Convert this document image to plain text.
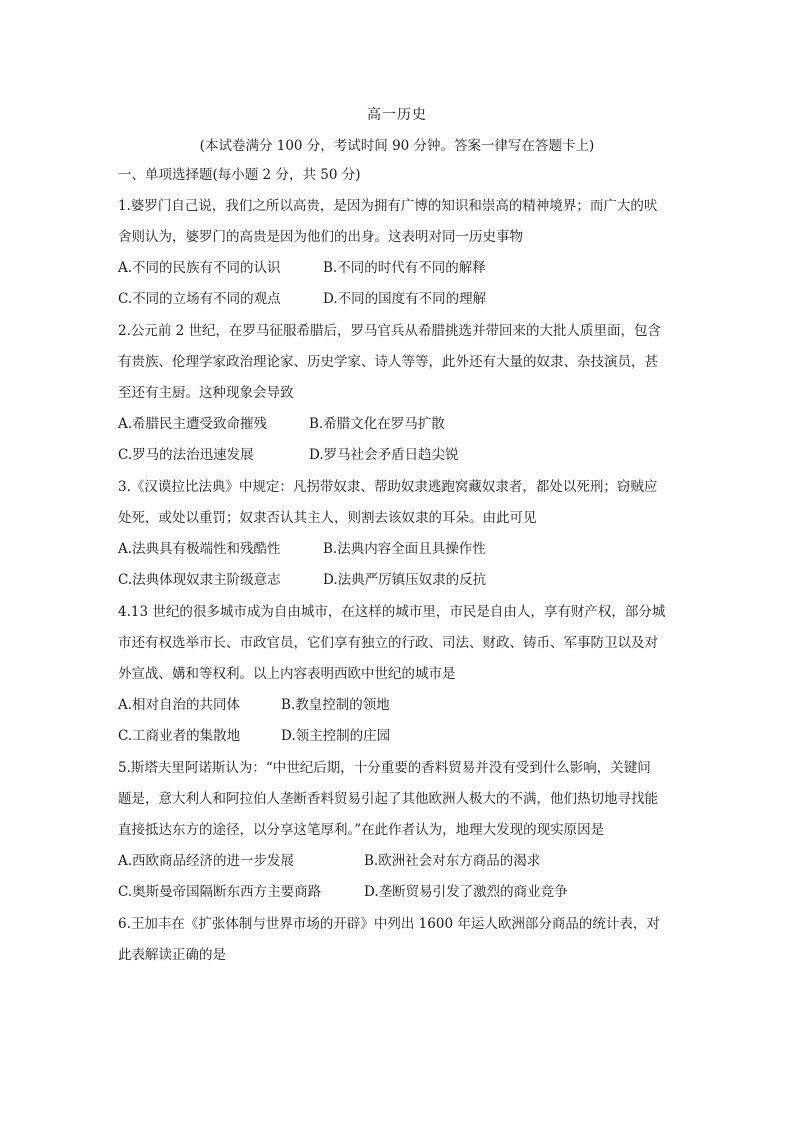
高一历史
(本试卷满分 100 分，考试时间 90 分钟。答案一律写在答题卡上)
一、单项选择题(每小题 2 分，共 50 分)
1.婆罗门自己说，我们之所以高贵，是因为拥有广博的知识和崇高的精神境界；而广大的吠
舍则认为，婆罗门的高贵是因为他们的出身。这表明对同一历史事物
A.不同的民族有不同的认识	B.不同的时代有不同的解释
C.不同的立场有不同的观点	D.不同的国度有不同的理解
2.公元前 2 世纪，在罗马征服希腊后，罗马官兵从希腊挑选并带回来的大批人质里面，包含
有贵族、伦理学家政治理论家、历史学家、诗人等等，此外还有大量的奴隶、杂技演员，甚
至还有主厨。这种现象会导致
A.希腊民主遭受致命摧残	B.希腊文化在罗马扩散
C.罗马的法治迅速发展	D.罗马社会矛盾日趋尖锐
3.《汉谟拉比法典》中规定：凡拐带奴隶、帮助奴隶逃跑窝藏奴隶者，都处以死刑；窃贼应
处死，或处以重罚；奴隶否认其主人，则割去该奴隶的耳朵。由此可见
A.法典具有极端性和残酷性	B.法典内容全面且具操作性
C.法典体现奴隶主阶级意志	D.法典严厉镇压奴隶的反抗
4.13 世纪的很多城市成为自由城市，在这样的城市里，市民是自由人，享有财产权，部分城
市还有权选举市长、市政官员，它们享有独立的行政、司法、财政、铸币、军事防卫以及对
外宣战、媾和等权利。以上内容表明西欧中世纪的城市是
A.相对自治的共同体	B.教皇控制的领地
C.工商业者的集散地	D.领主控制的庄园
5.斯塔夫里阿诺斯认为：“中世纪后期，十分重要的香料贸易并没有受到什么影响，关键问
题是，意大利人和阿拉伯人垄断香料贸易引起了其他欧洲人极大的不满，他们热切地寻找能
直接抵达东方的途径，以分享这笔厚利。”在此作者认为，地理大发现的现实原因是
A.西欧商品经济的进一步发展	B.欧洲社会对东方商品的渴求
C.奥斯曼帝国隔断东西方主要商路	D.垄断贸易引发了激烈的商业竞争
6.王加丰在《扩张体制与世界市场的开辟》中列出 1600 年运人欧洲部分商品的统计表，对
此表解读正确的是
